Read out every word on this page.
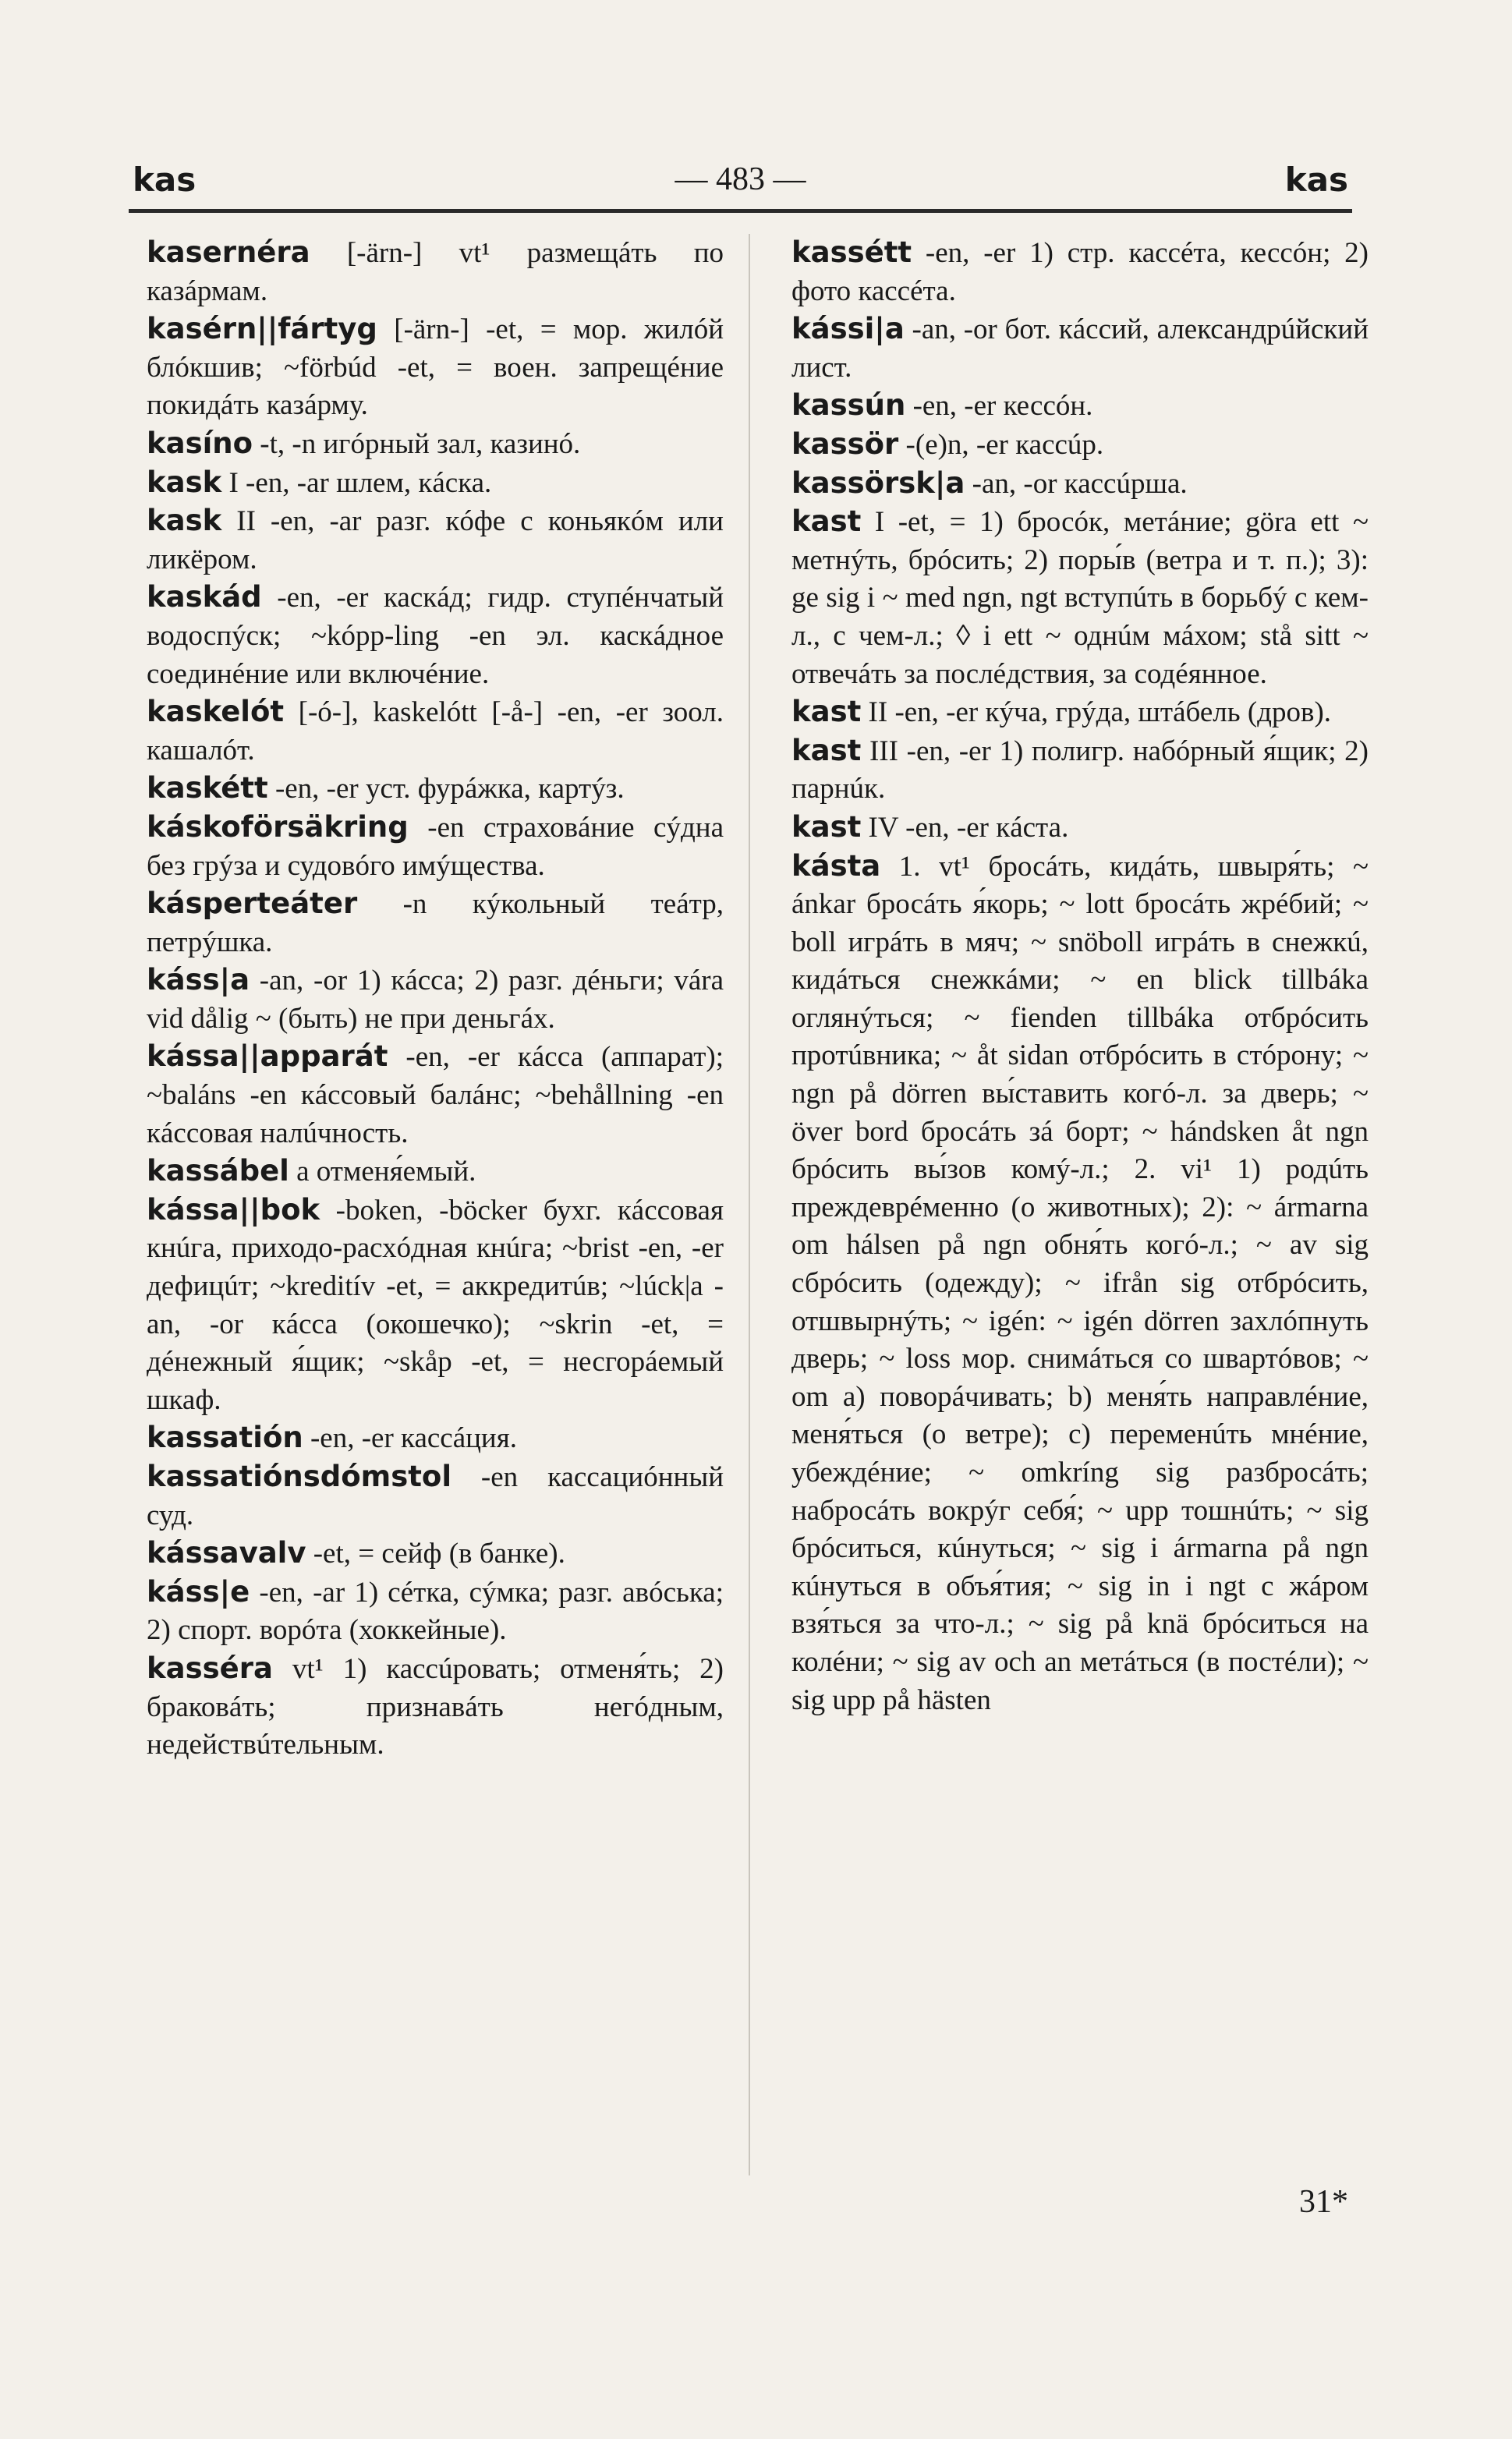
kas	— 483 —	kas

kasernéra [-ärn-] vt¹ размещáть по казáрмам.

kasérn||fártyg [-ärn-] -et, = мор. жилóй блóкшив; ~förbúd -et, = воен. запрещéние покидáть казáрму.

kasíno -t, -n игóрный зал, казинó.

kask I -en, -ar шлем, кáска.

kask II -en, -ar разг. кóфе с коньякóм или ликёром.

kaskád -en, -er каскáд; гидр. ступéнчатый водоспýск; ~kópp-ling -en эл. каскáдное соединéние или включéние.

kaskelót [-ó-], kaskelótt [-å-] -en, -er зоол. кашалóт.

kaskétt -en, -er уст. фурáжка, картýз.

káskoförsäkring -en страховáние сýдна без грýза и судовóго имýщества.

kásperteáter -n кýкольный теáтр, петрýшка.

káss|a -an, -or 1) кáсса; 2) разг. дéньги; vára vid dålig ~ (быть) не при деньгáх.

kássa||apparát -en, -er кáсса (аппарат); ~baláns -en кáссовый балáнс; ~behållning -en кáссовая налúчность.

kassábel a отменя́емый.

kássa||bok -boken, -böcker бухг. кáссовая кнúга, приходо-расхóдная кнúга; ~brist -en, -er дефицúт; ~kreditív -et, = аккредитúв; ~lúck|a -an, -or кáсса (окошечко); ~skrin -et, = дéнежный я́щик; ~skåp -et, = несгорáемый шкаф.

kassatión -en, -er кассáция.

kassatiónsdómstol -en кассациóнный суд.

kássavalv -et, = сейф (в банке).

káss|e -en, -ar 1) сéтка, сýмка; разг. авóська; 2) спорт. ворóта (хоккейные).

kasséra vt¹ 1) кассúровать; отменя́ть; 2) браковáть; признавáть негóдным, недействúтельным.

kassétt -en, -er 1) стр. кассéта, кессóн; 2) фото кассéта.

kássi|a -an, -or бот. кáссий, александрúйский лист.

kassún -en, -er кессóн.

kassör -(e)n, -er кассúр.

kassörsk|a -an, -or кассúрша.

kast I -et, = 1) бросóк, метáние; göra ett ~ метнýть, брóсить; 2) поры́в (ветра и т. п.); 3): ge sig i ~ med ngn, ngt вступúть в борьбý с кем-л., с чем-л.; ◊ i ett ~ однúм мáхом; stå sitt ~ отвечáть за послéдствия, за содéянное.

kast II -en, -er кýча, грýда, штáбель (дров).

kast III -en, -er 1) полигр. набóрный я́щик; 2) парнúк.

kast IV -en, -er кáста.

kásta 1. vt¹ бросáть, кидáть, швыря́ть; ~ ánkar бросáть я́корь; ~ lott бросáть жрéбий; ~ boll игрáть в мяч; ~ snöboll игрáть в снежкú, кидáться снежкáми; ~ en blick tillbáka оглянýться; ~ fienden tillbáka отбрóсить протúвника; ~ åt sidan отбрóсить в стóрону; ~ ngn på dörren вы́ставить когó-л. за дверь; ~ över bord бросáть зá борт; ~ hándsken åt ngn брóсить вы́зов комý-л.; 2. vi¹ 1) родúть преждеврéменно (о животных); 2): ~ ármarna om hálsen på ngn обня́ть когó-л.; ~ av sig сбрóсить (одежду); ~ ifrån sig отбрóсить, отшвырнýть; ~ igén: ~ igén dörren захлóпнуть дверь; ~ loss мор. снимáться со швартóвов; ~ om a) поворáчивать; b) меня́ть направлéние, меня́ться (о ветре); c) переменúть мнéние, убеждéние; ~ omkríng sig разбросáть; набросáть вокрýг себя́; ~ upp тошнúть; ~ sig брóситься, кúнуться; ~ sig i ármarna på ngn кúнуться в объя́тия; ~ sig in i ngt с жáром взя́ться за что-л.; ~ sig på knä брóситься на колéни; ~ sig av och an метáться (в постéли); ~ sig upp på hästen

31*
